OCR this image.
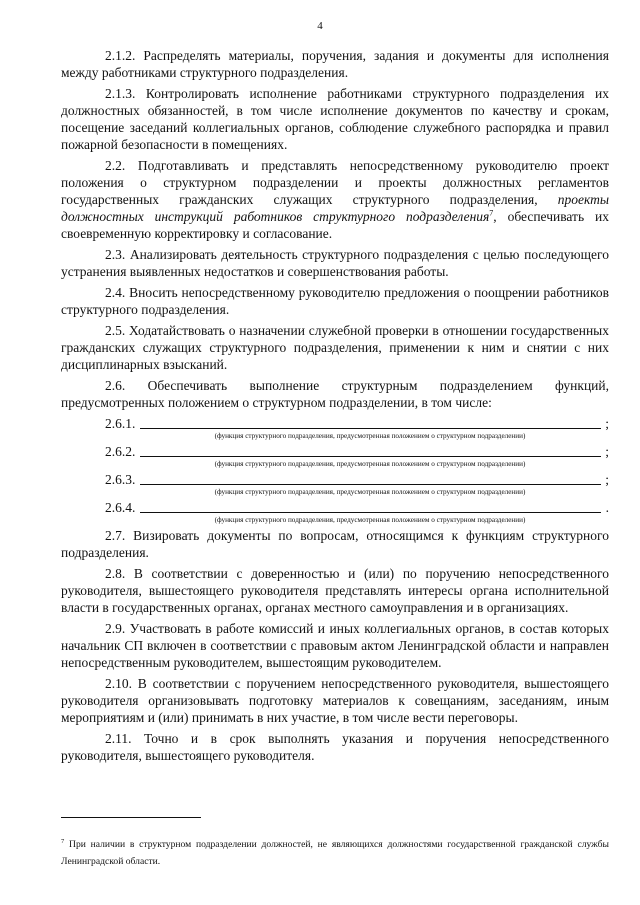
4

2.1.2. Распределять материалы, поручения, задания и документы для исполнения между работниками структурного подразделения.

2.1.3. Контролировать исполнение работниками структурного подразделения их должностных обязанностей, в том числе исполнение документов по качеству и срокам, посещение заседаний коллегиальных органов, соблюдение служебного распорядка и правил пожарной безопасности в помещениях.

2.2. Подготавливать и представлять непосредственному руководителю проект положения о структурном подразделении и проекты должностных регламентов государственных гражданских служащих структурного подразделения, проекты должностных инструкций работников структурного подразделения$^7$, обеспечивать их своевременную корректировку и согласование.

2.3. Анализировать деятельность структурного подразделения с целью последующего устранения выявленных недостатков и совершенствования работы.

2.4. Вносить непосредственному руководителю предложения о поощрении работников структурного подразделения.

2.5. Ходатайствовать о назначении служебной проверки в отношении государственных гражданских служащих структурного подразделения, применении к ним и снятии с них дисциплинарных взысканий.

2.6. Обеспечивать выполнение структурным подразделением функций, предусмотренных положением о структурном подразделении, в том числе:

2.6.1.	;
(функция структурного подразделения, предусмотренная положением о структурном подразделении)
2.6.2.	;
(функция структурного подразделения, предусмотренная положением о структурном подразделении)
2.6.3.	;
(функция структурного подразделения, предусмотренная положением о структурном подразделении)
2.6.4.	.
(функция структурного подразделения, предусмотренная положением о структурном подразделении)

2.7. Визировать документы по вопросам, относящимся к функциям структурного подразделения.

2.8. В соответствии с доверенностью и (или) по поручению непосредственного руководителя, вышестоящего руководителя представлять интересы органа исполнительной власти в государственных органах, органах местного самоуправления и в организациях.

2.9. Участвовать в работе комиссий и иных коллегиальных органов, в состав которых начальник СП включен в соответствии с правовым актом Ленинградской области и направлен непосредственным руководителем, вышестоящим руководителем.

2.10. В соответствии с поручением непосредственного руководителя, вышестоящего руководителя организовывать подготовку материалов к совещаниям, заседаниям, иным мероприятиям и (или) принимать в них участие, в том числе вести переговоры.

2.11. Точно и в срок выполнять указания и поручения непосредственного руководителя, вышестоящего руководителя.

$^7$ При наличии в структурном подразделении должностей, не являющихся должностями государственной гражданской службы Ленинградской области.
